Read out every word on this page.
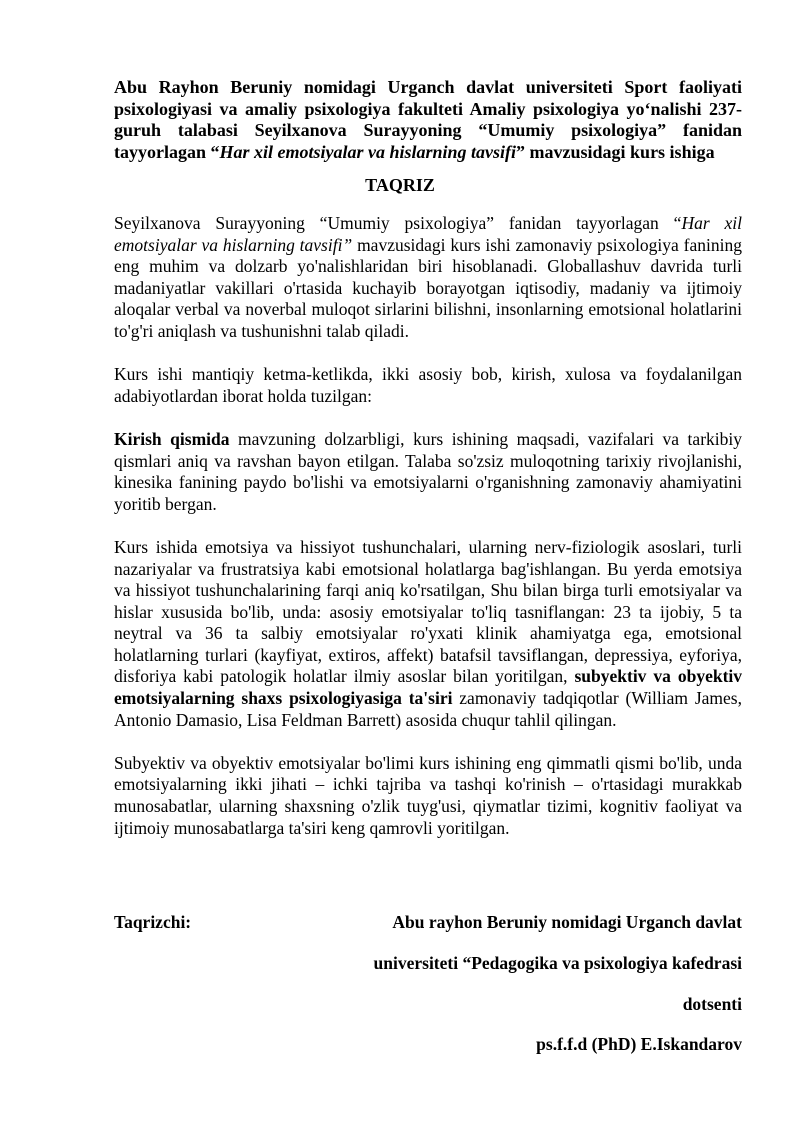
Abu Rayhon Beruniy nomidagi Urganch davlat universiteti Sport faoliyati psixologiyasi va amaliy psixologiya fakulteti Amaliy psixologiya yo‘nalishi 237-guruh talabasi Seyilxanova Surayyoning “Umumiy psixologiya” fanidan tayyorlagan “Har xil emotsiyalar va hislarning tavsifi” mavzusidagi kurs ishiga
TAQRIZ

Seyilxanova Surayyoning “Umumiy psixologiya” fanidan tayyorlagan “Har xil emotsiyalar va hislarning tavsifi” mavzusidagi kurs ishi zamonaviy psixologiya fanining eng muhim va dolzarb yo'nalishlaridan biri hisoblanadi. Globallashuv davrida turli madaniyatlar vakillari o'rtasida kuchayib borayotgan iqtisodiy, madaniy va ijtimoiy aloqalar verbal va noverbal muloqot sirlarini bilishni, insonlarning emotsional holatlarini to'g'ri aniqlash va tushunishni talab qiladi.

Kurs ishi mantiqiy ketma-ketlikda, ikki asosiy bob, kirish, xulosa va foydalanilgan adabiyotlardan iborat holda tuzilgan:

Kirish qismida mavzuning dolzarbligi, kurs ishining maqsadi, vazifalari va tarkibiy qismlari aniq va ravshan bayon etilgan. Talaba so'zsiz muloqotning tarixiy rivojlanishi, kinesika fanining paydo bo'lishi va emotsiyalarni o'rganishning zamonaviy ahamiyatini yoritib bergan.

Kurs ishida emotsiya va hissiyot tushunchalari, ularning nerv-fiziologik asoslari, turli nazariyalar va frustratsiya kabi emotsional holatlarga bag'ishlangan. Bu yerda emotsiya va hissiyot tushunchalarining farqi aniq ko'rsatilgan, Shu bilan birga turli emotsiyalar va hislar xususida bo'lib, unda: asosiy emotsiyalar to'liq tasniflangan: 23 ta ijobiy, 5 ta neytral va 36 ta salbiy emotsiyalar ro'yxati klinik ahamiyatga ega, emotsional holatlarning turlari (kayfiyat, extiros, affekt) batafsil tavsiflangan, depressiya, eyforiya, disforiya kabi patologik holatlar ilmiy asoslar bilan yoritilgan, subyektiv va obyektiv emotsiyalarning shaxs psixologiyasiga ta'siri zamonaviy tadqiqotlar (William James, Antonio Damasio, Lisa Feldman Barrett) asosida chuqur tahlil qilingan.

Subyektiv va obyektiv emotsiyalar bo'limi kurs ishining eng qimmatli qismi bo'lib, unda emotsiyalarning ikki jihati – ichki tajriba va tashqi ko'rinish – o'rtasidagi murakkab munosabatlar, ularning shaxsning o'zlik tuyg'usi, qiymatlar tizimi, kognitiv faoliyat va ijtimoiy munosabatlarga ta'siri keng qamrovli yoritilgan.

Taqrizchi:	Abu rayhon Beruniy nomidagi Urganch davlat
universiteti “Pedagogika va psixologiya kafedrasi
dotsenti
ps.f.f.d (PhD) E.Iskandarov
